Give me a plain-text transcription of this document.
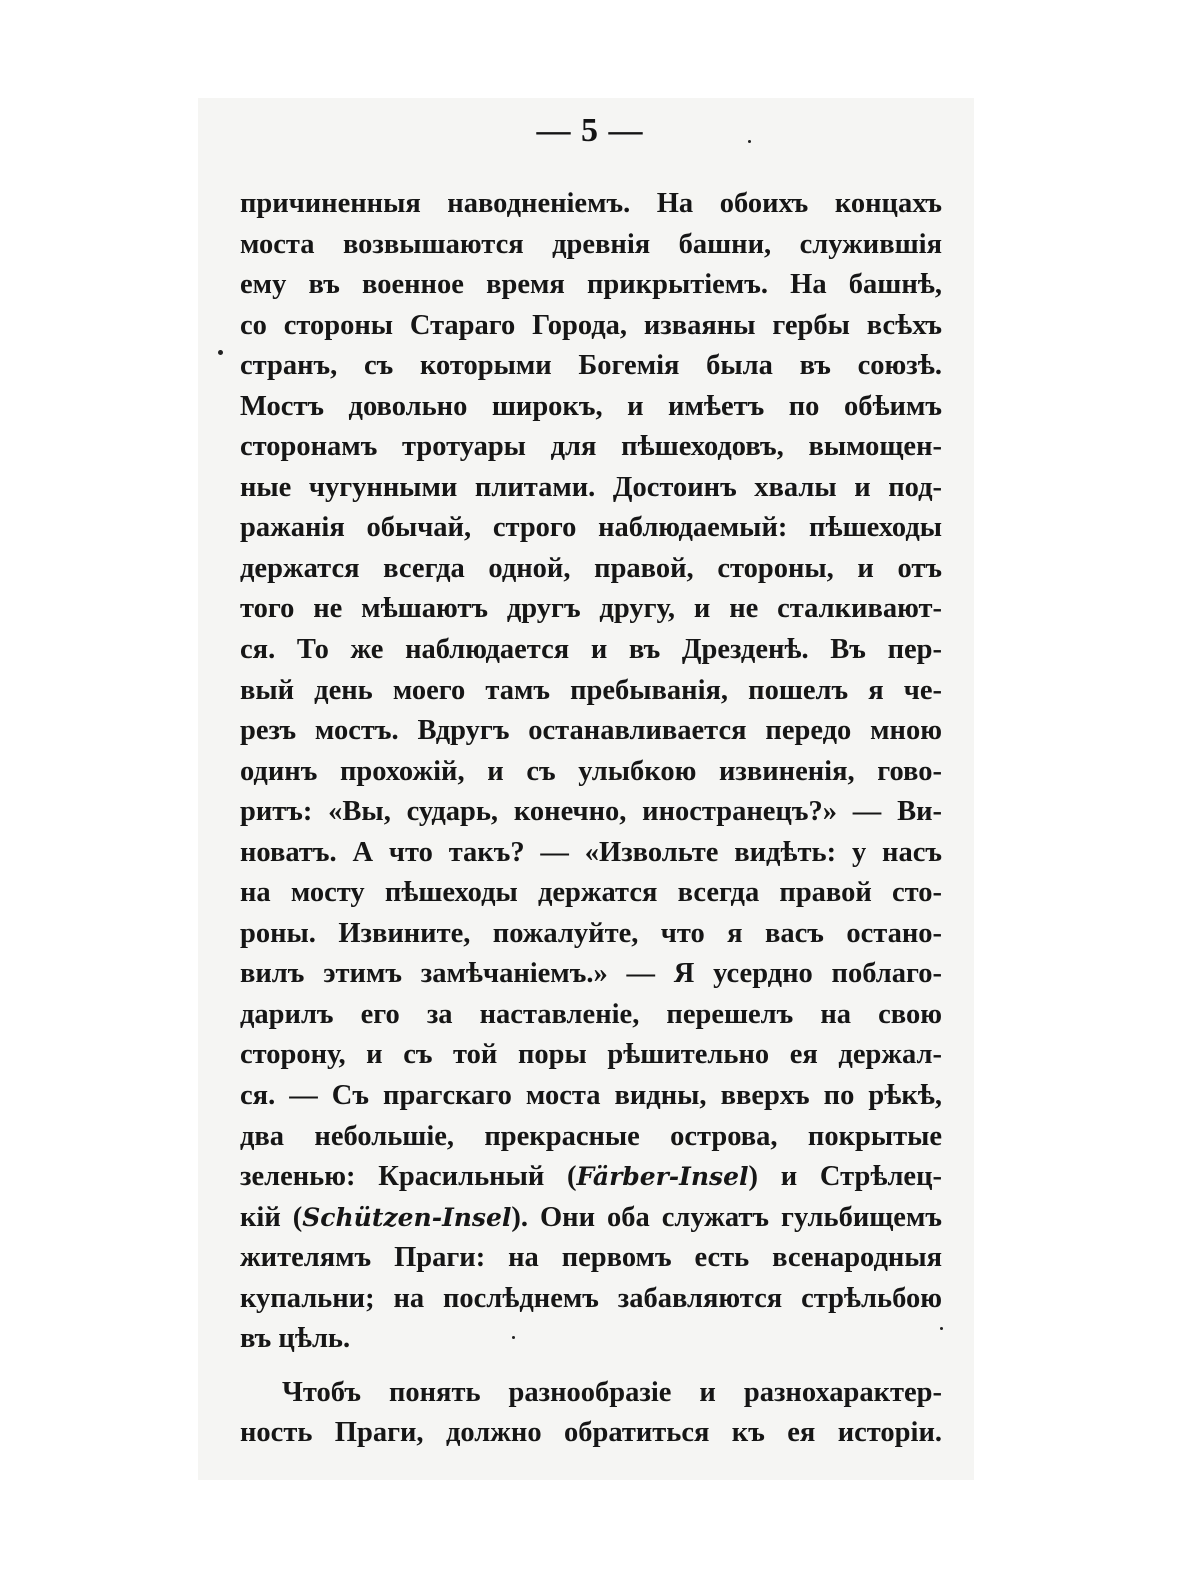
— 5 —
причиненныя наводненіемъ. На обоихъ концахъ
моста возвышаются древнія башни, служившія
ему въ военное время прикрытіемъ. На башнѣ,
со стороны Стараго Города, изваяны гербы всѣхъ
странъ, съ которыми Богемія была въ союзѣ.
Мостъ довольно широкъ, и имѣетъ по обѣимъ
сторонамъ тротуары для пѣшеходовъ, вымощен-
ные чугунными плитами. Достоинъ хвалы и под-
ражанія обычай, строго наблюдаемый: пѣшеходы
держатся всегда одной, правой, стороны, и отъ
того не мѣшаютъ другъ другу, и не сталкивают-
ся. То же наблюдается и въ Дрезденѣ. Въ пер-
вый день моего тамъ пребыванія, пошелъ я че-
резъ мостъ. Вдругъ останавливается передо мною
одинъ прохожій, и съ улыбкою извиненія, гово-
ритъ: «Вы, сударь, конечно, иностранецъ?» — Ви-
новатъ. А что такъ? — «Извольте видѣть: у насъ
на мосту пѣшеходы держатся всегда правой сто-
роны. Извините, пожалуйте, что я васъ остано-
вилъ этимъ замѣчаніемъ.» — Я усердно поблаго-
дарилъ его за наставленіе, перешелъ на свою
сторону, и съ той поры рѣшительно ея держал-
ся. — Съ прагскаго моста видны, вверхъ по рѣкѣ,
два небольшіе, прекрасные острова, покрытые
зеленью: Красильный (Färber-Insel) и Стрѣлец-
кій (Schützen-Insel). Они оба служатъ гульбищемъ
жителямъ Праги: на первомъ есть всенародныя
купальни; на послѣднемъ забавляются стрѣльбою
въ цѣль.
Чтобъ понять разнообразіе и разнохарактер-
ность Праги, должно обратиться къ ея исторіи.
